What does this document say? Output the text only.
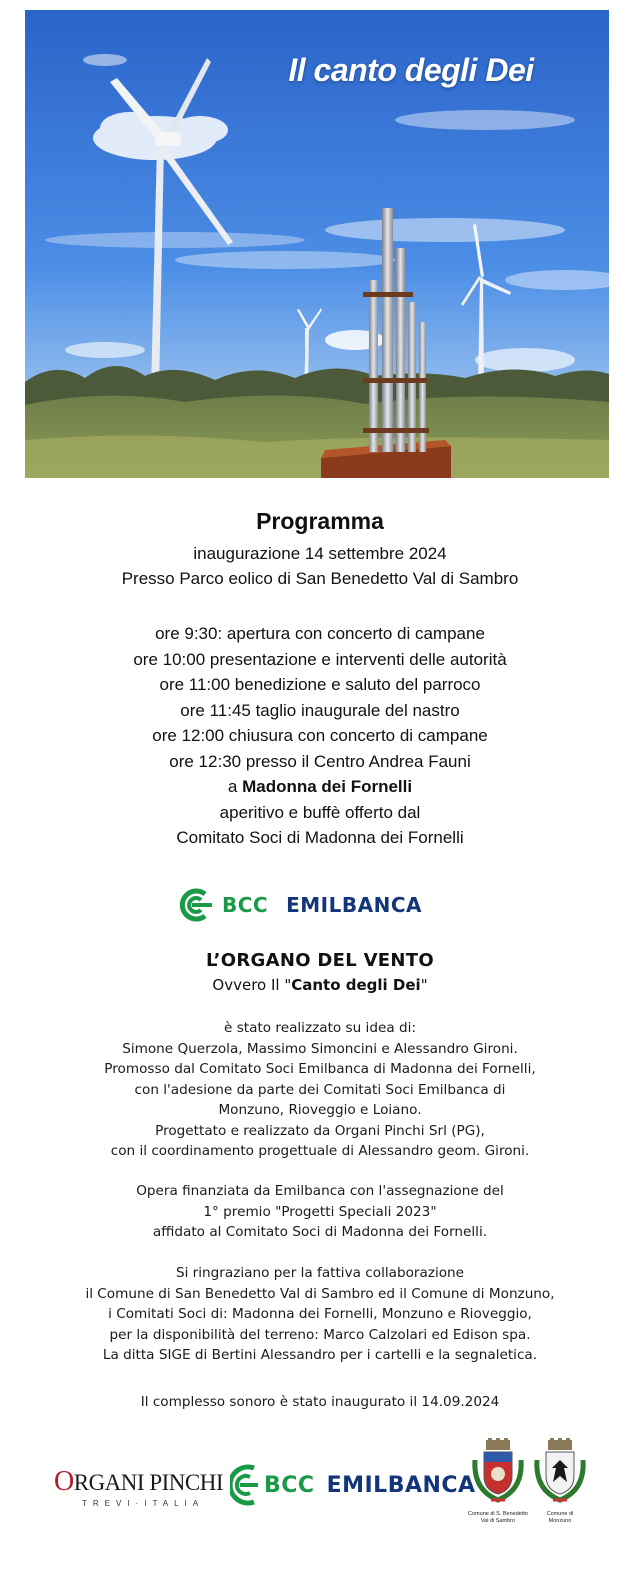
Il canto degli Dei
Programma
inaugurazione 14 settembre 2024
Presso Parco eolico di San Benedetto Val di Sambro
ore 9:30: apertura con concerto di campane
ore 10:00 presentazione e interventi delle autorità
ore 11:00 benedizione e saluto del parroco
ore 11:45 taglio inaugurale del nastro
ore 12:00 chiusura con concerto di campane
ore 12:30 presso il Centro Andrea Fauni
a Madonna dei Fornelli
aperitivo e buffè offerto dal
Comitato Soci di Madonna dei Fornelli
BCC EMILBANCA
L’ORGANO DEL VENTO
Ovvero Il "Canto degli Dei"
è stato realizzato su idea di:
Simone Querzola, Massimo Simoncini e Alessandro Gironi.
Promosso dal Comitato Soci Emilbanca di Madonna dei Fornelli,
con l'adesione da parte dei Comitati Soci Emilbanca di
Monzuno, Rioveggio e Loiano.
Progettato e realizzato da Organi Pinchi Srl (PG),
con il coordinamento progettuale di Alessandro geom. Gironi.
Opera finanziata da Emilbanca con l'assegnazione del
1° premio "Progetti Speciali 2023"
affidato al Comitato Soci di Madonna dei Fornelli.
Si ringraziano per la fattiva collaborazione
il Comune di San Benedetto Val di Sambro ed il Comune di Monzuno,
i Comitati Soci di: Madonna dei Fornelli, Monzuno e Rioveggio,
per la disponibilità del terreno: Marco Calzolari ed Edison spa.
La ditta SIGE di Bertini Alessandro per i cartelli e la segnaletica.
Il complesso sonoro è stato inaugurato il 14.09.2024
ORGANI PINCHI
TREVI·ITALIA
BCC EMILBANCA
Comune di S. Benedetto
Val di Sambro
Comune di
Monzuno
